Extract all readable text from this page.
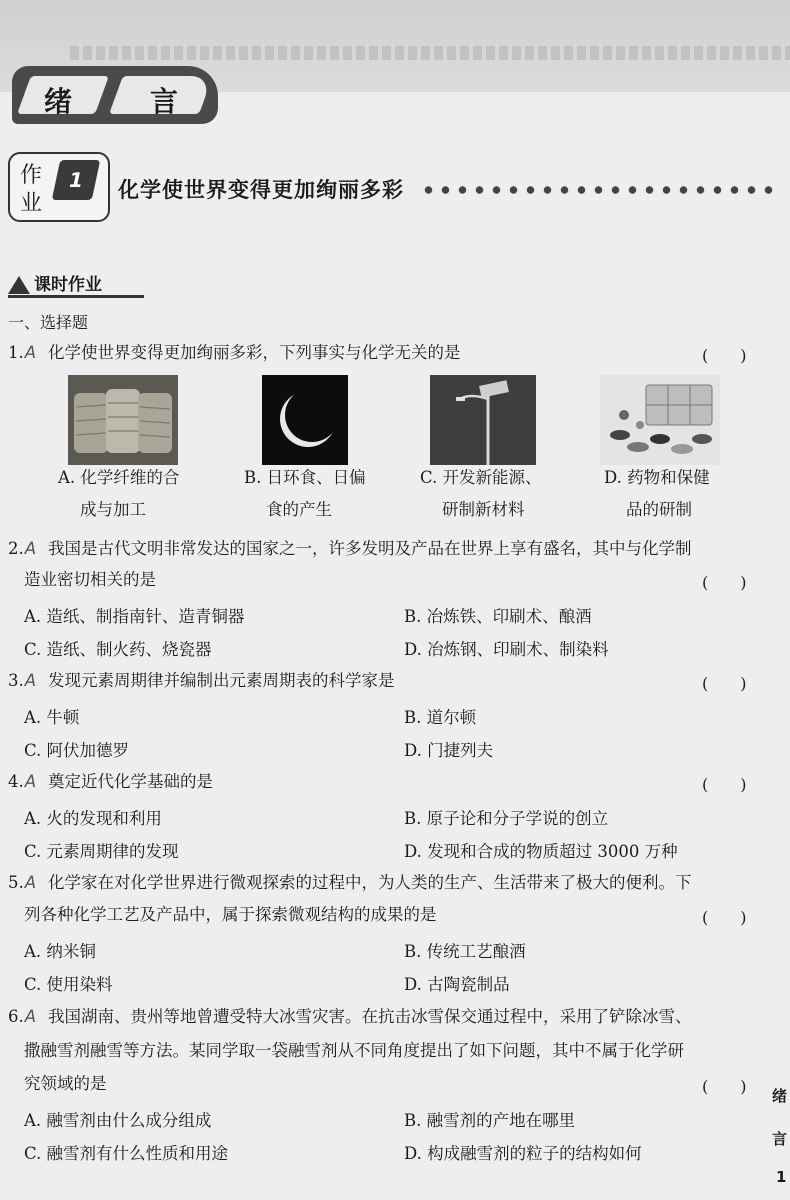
绪	言
作
业
1	化学使世界变得更加绚丽多彩
课时作业
一、选择题
1.A 化学使世界变得更加绚丽多彩，下列事实与化学无关的是	(　　)
A. 化学纤维的合
成与加工
B. 日环食、日偏
食的产生
C. 开发新能源、
研制新材料
D. 药物和保健
品的研制
2.A 我国是古代文明非常发达的国家之一，许多发明及产品在世界上享有盛名，其中与化学制
造业密切相关的是	(　　)
A. 造纸、制指南针、造青铜器	B. 冶炼铁、印刷术、酿酒
C. 造纸、制火药、烧瓷器	D. 冶炼钢、印刷术、制染料
3.A 发现元素周期律并编制出元素周期表的科学家是	(　　)
A. 牛顿	B. 道尔顿
C. 阿伏加德罗	D. 门捷列夫
4.A 奠定近代化学基础的是	(　　)
A. 火的发现和利用	B. 原子论和分子学说的创立
C. 元素周期律的发现	D. 发现和合成的物质超过 3000 万种
5.A 化学家在对化学世界进行微观探索的过程中，为人类的生产、生活带来了极大的便利。下
列各种化学工艺及产品中，属于探索微观结构的成果的是	(　　)
A. 纳米铜	B. 传统工艺酿酒
C. 使用染料	D. 古陶瓷制品
6.A 我国湖南、贵州等地曾遭受特大冰雪灾害。在抗击冰雪保交通过程中，采用了铲除冰雪、
撒融雪剂融雪等方法。某同学取一袋融雪剂从不同角度提出了如下问题，其中不属于化学研
究领域的是	(　　)
A. 融雪剂由什么成分组成	B. 融雪剂的产地在哪里
C. 融雪剂有什么性质和用途	D. 构成融雪剂的粒子的结构如何
绪
言
1
